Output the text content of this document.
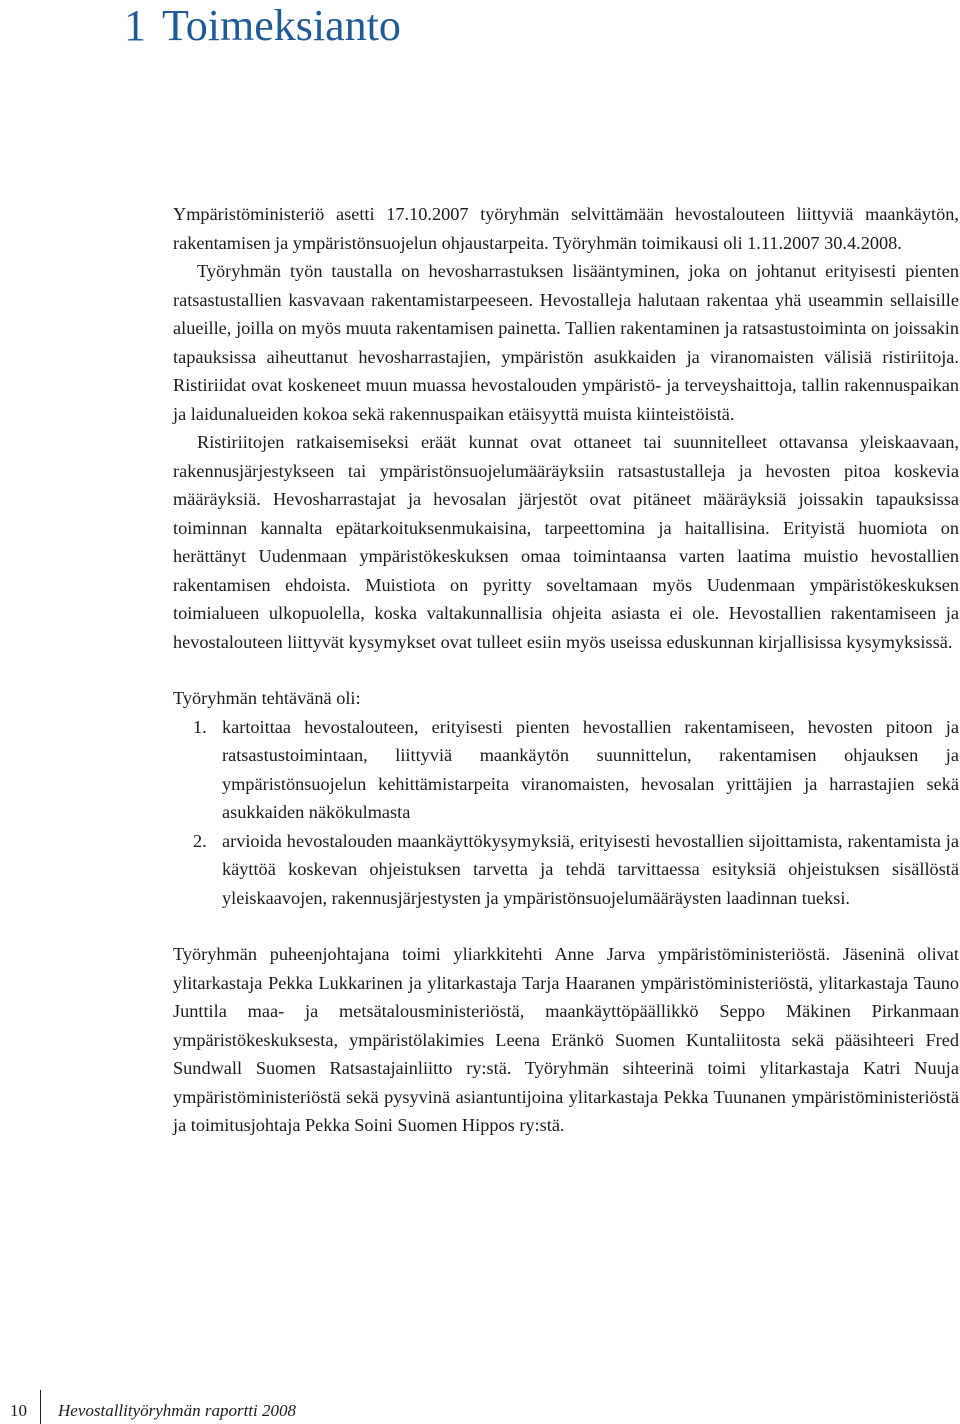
1 Toimeksianto

Ympäristöministeriö asetti 17.10.2007 työryhmän selvittämään hevostalouteen liittyviä maankäytön, rakentamisen ja ympäristönsuojelun ohjaustarpeita. Työryhmän toimikausi oli 1.11.2007 30.4.2008.

Työryhmän työn taustalla on hevosharrastuksen lisääntyminen, joka on johtanut erityisesti pienten ratsastustallien kasvavaan rakentamistarpeeseen. Hevostalleja halutaan rakentaa yhä useammin sellaisille alueille, joilla on myös muuta rakentamisen painetta. Tallien rakentaminen ja ratsastustoiminta on joissakin tapauksissa aiheuttanut hevosharrastajien, ympäristön asukkaiden ja viranomaisten välisiä ristiriitoja. Ristiriidat ovat koskeneet muun muassa hevostalouden ympäristö- ja terveyshaittoja, tallin rakennuspaikan ja laidunalueiden kokoa sekä rakennuspaikan etäisyyttä muista kiinteistöistä.

Ristiriitojen ratkaisemiseksi eräät kunnat ovat ottaneet tai suunnitelleet ottavansa yleiskaavaan, rakennusjärjestykseen tai ympäristönsuojelumääräyksiin ratsastustalleja ja hevosten pitoa koskevia määräyksiä. Hevosharrastajat ja hevosalan järjestöt ovat pitäneet määräyksiä joissakin tapauksissa toiminnan kannalta epätarkoituksenmukaisina, tarpeettomina ja haitallisina. Erityistä huomiota on herättänyt Uudenmaan ympäristökeskuksen omaa toimintaansa varten laatima muistio hevostallien rakentamisen ehdoista. Muistiota on pyritty soveltamaan myös Uudenmaan ympäristökeskuksen toimialueen ulkopuolella, koska valtakunnallisia ohjeita asiasta ei ole. Hevostallien rakentamiseen ja hevostalouteen liittyvät kysymykset ovat tulleet esiin myös useissa eduskunnan kirjallisissa kysymyksissä.

Työryhmän tehtävänä oli:

1. kartoittaa hevostalouteen, erityisesti pienten hevostallien rakentamiseen, hevosten pitoon ja ratsastustoimintaan, liittyviä maankäytön suunnittelun, rakentamisen ohjauksen ja ympäristönsuojelun kehittämistarpeita viranomaisten, hevosalan yrittäjien ja harrastajien sekä asukkaiden näkökulmasta
2. arvioida hevostalouden maankäyttökysymyksiä, erityisesti hevostallien sijoittamista, rakentamista ja käyttöä koskevan ohjeistuksen tarvetta ja tehdä tarvittaessa esityksiä ohjeistuksen sisällöstä yleiskaavojen, rakennusjärjestysten ja ympäristönsuojelumääräysten laadinnan tueksi.

Työryhmän puheenjohtajana toimi yliarkkitehti Anne Jarva ympäristöministeriöstä. Jäseninä olivat ylitarkastaja Pekka Lukkarinen ja ylitarkastaja Tarja Haaranen ympäristöministeriöstä, ylitarkastaja Tauno Junttila maa- ja metsätalousministeriöstä, maankäyttöpäällikkö Seppo Mäkinen Pirkanmaan ympäristökeskuksesta, ympäristölakimies Leena Eränkö Suomen Kuntaliitosta sekä pääsihteeri Fred Sundwall Suomen Ratsastajainliitto ry:stä. Työryhmän sihteerinä toimi ylitarkastaja Katri Nuuja ympäristöministeriöstä sekä pysyvinä asiantuntijoina ylitarkastaja Pekka Tuunanen ympäristöministeriöstä ja toimitusjohtaja Pekka Soini Suomen Hippos ry:stä.

10 Hevostallityöryhmän raportti 2008
